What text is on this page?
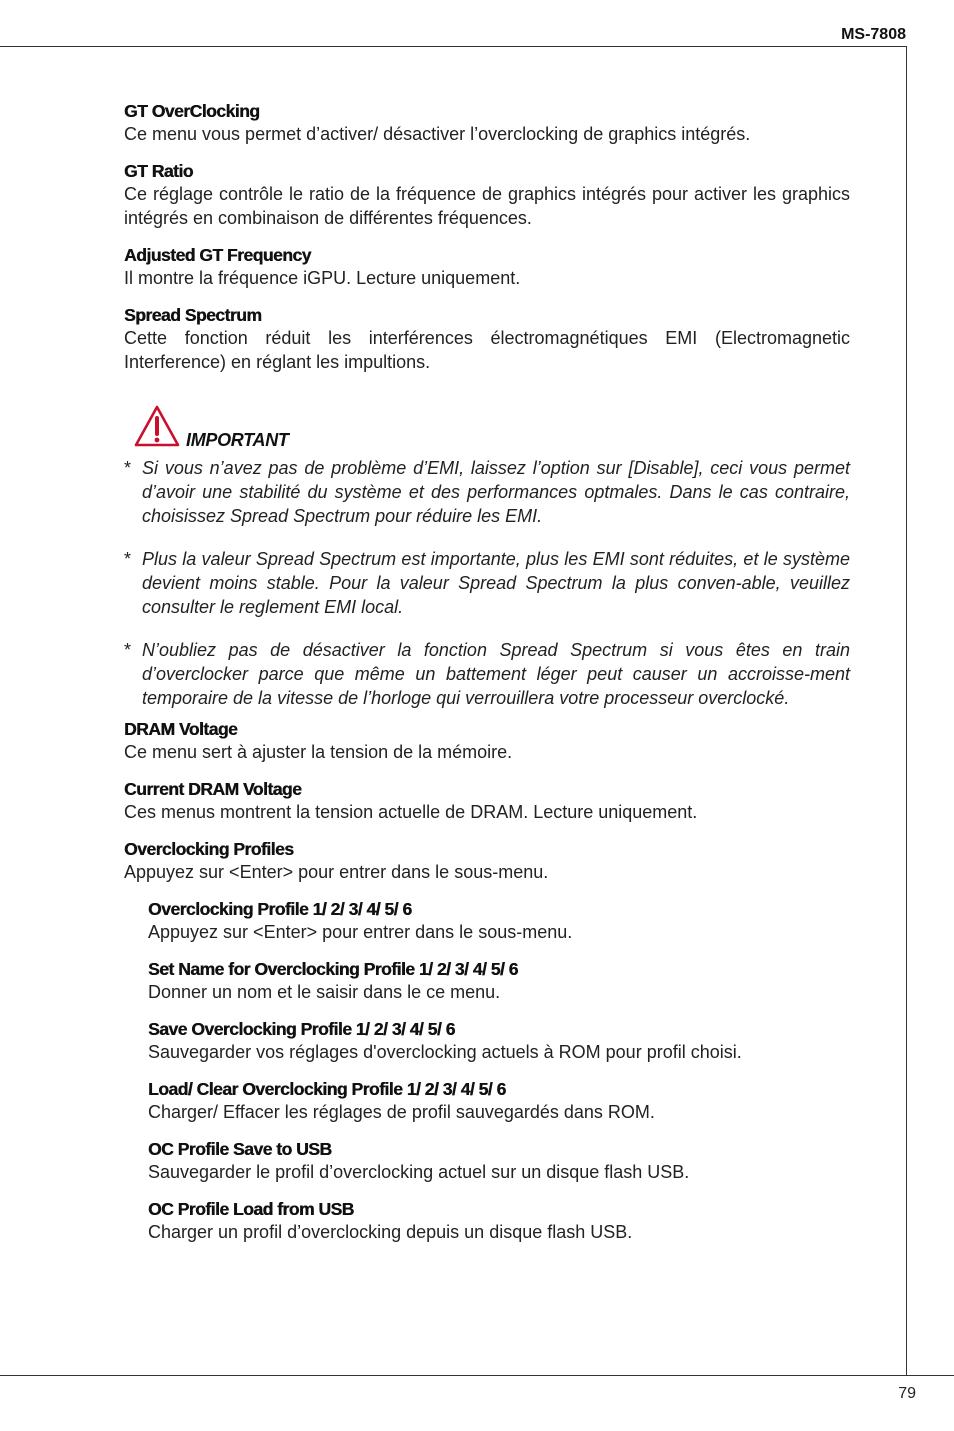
MS-7808
79
GT OverClocking
Ce menu vous permet d’activer/ désactiver l’overclocking de graphics intégrés.
GT Ratio
Ce réglage contrôle le ratio de la fréquence de graphics intégrés pour activer les graphics intégrés en combinaison de différentes fréquences.
Adjusted GT Frequency
Il montre la fréquence iGPU. Lecture uniquement.
Spread Spectrum
Cette fonction réduit les interférences électromagnétiques EMI (Electromagnetic Interference) en réglant les impultions.
IMPORTANT
* Si vous n’avez pas de problème d’EMI, laissez l’option sur [Disable], ceci vous permet d’avoir une stabilité du système et des performances optmales. Dans le cas contraire, choisissez Spread Spectrum pour réduire les EMI.
* Plus la valeur Spread Spectrum est importante, plus les EMI sont réduites, et le système devient moins stable. Pour la valeur Spread Spectrum la plus conven-able, veuillez consulter le reglement EMI local.
* N’oubliez pas de désactiver la fonction Spread Spectrum si vous êtes en train d’overclocker parce que même un battement léger peut causer un accroisse-ment temporaire de la vitesse de l’horloge qui verrouillera votre processeur overclocké.
DRAM Voltage
Ce menu sert à ajuster la tension de la mémoire.
Current DRAM Voltage
Ces menus montrent la tension actuelle de DRAM. Lecture uniquement.
Overclocking Profiles
Appuyez sur <Enter> pour entrer dans le sous-menu.
Overclocking Profile 1/ 2/ 3/ 4/ 5/ 6
Appuyez sur <Enter> pour entrer dans le sous-menu.
Set Name for Overclocking Profile 1/ 2/ 3/ 4/ 5/ 6
Donner un nom et le saisir dans le ce menu.
Save Overclocking Profile 1/ 2/ 3/ 4/ 5/ 6
Sauvegarder vos réglages d'overclocking actuels à ROM pour profil choisi.
Load/ Clear Overclocking Profile 1/ 2/ 3/ 4/ 5/ 6
Charger/ Effacer les réglages de profil sauvegardés dans ROM.
OC Profile Save to USB
Sauvegarder le profil d’overclocking actuel sur un disque flash USB.
OC Profile Load from USB
Charger un profil d’overclocking depuis un disque flash USB.
